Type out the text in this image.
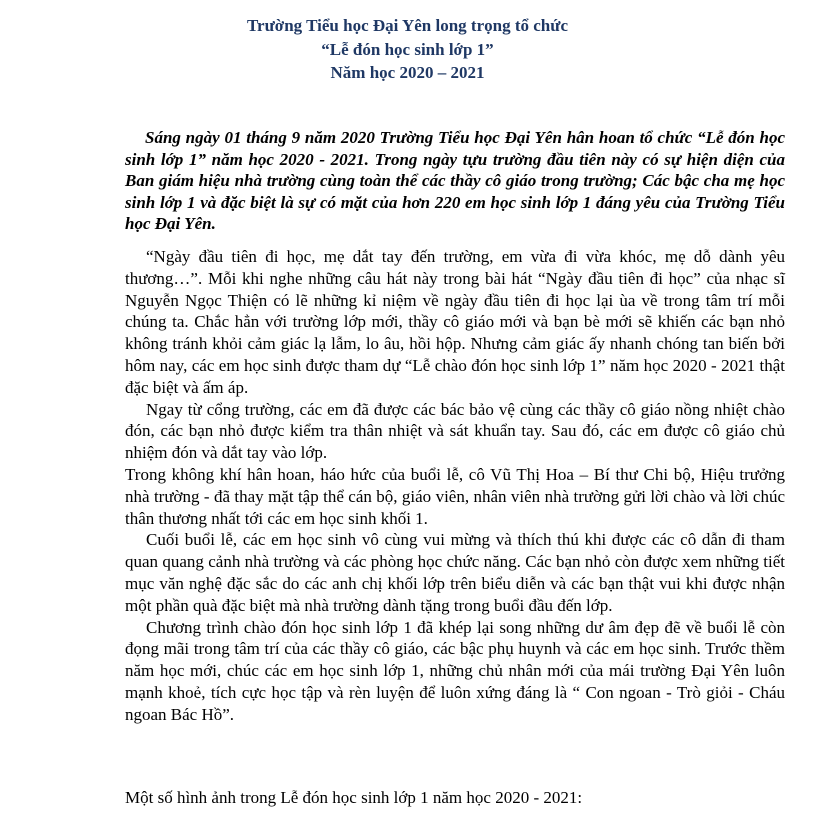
Trường Tiểu học Đại Yên long trọng tổ chức
“Lễ đón học sinh lớp 1”
Năm học 2020 – 2021
Sáng ngày 01 tháng 9 năm 2020 Trường Tiểu học Đại Yên hân hoan tổ chức “Lễ đón học sinh lớp 1” năm học 2020 - 2021. Trong ngày tựu trường đầu tiên này có sự hiện diện của Ban giám hiệu nhà trường cùng toàn thể các thầy cô giáo trong trường; Các bậc cha mẹ học sinh lớp 1 và đặc biệt là sự có mặt của hơn 220 em học sinh lớp 1 đáng yêu của Trường Tiểu học Đại Yên.

“Ngày đầu tiên đi học, mẹ dắt tay đến trường, em vừa đi vừa khóc, mẹ dỗ dành yêu thương…”. Mỗi khi nghe những câu hát này trong bài hát “Ngày đầu tiên đi học” của nhạc sĩ Nguyễn Ngọc Thiện có lẽ những kỉ niệm về ngày đầu tiên đi học lại ùa về trong tâm trí mỗi chúng ta. Chắc hẳn với trường lớp mới, thầy cô giáo mới và bạn bè mới sẽ khiến các bạn nhỏ không tránh khỏi cảm giác lạ lẫm, lo âu, hồi hộp. Nhưng cảm giác ấy nhanh chóng tan biến bởi hôm nay, các em học sinh được tham dự “Lễ chào đón học sinh lớp 1” năm học 2020 - 2021 thật đặc biệt và ấm áp.

Ngay từ cổng trường, các em đã được các bác bảo vệ cùng các thầy cô giáo nồng nhiệt chào đón, các bạn nhỏ được kiểm tra thân nhiệt và sát khuẩn tay. Sau đó, các em được cô giáo chủ nhiệm đón và dắt tay vào lớp.

Trong không khí hân hoan, háo hức của buổi lễ, cô Vũ Thị Hoa – Bí thư Chi bộ, Hiệu trưởng nhà trường - đã thay mặt tập thể cán bộ, giáo viên, nhân viên nhà trường gửi lời chào và lời chúc thân thương nhất tới các em học sinh khối 1.

Cuối buổi lễ, các em học sinh vô cùng vui mừng và thích thú khi được các cô dẫn đi tham quan quang cảnh nhà trường và các phòng học chức năng. Các bạn nhỏ còn được xem những tiết mục văn nghệ đặc sắc do các anh chị khối lớp trên biểu diễn và các bạn thật vui khi được nhận một phần quà đặc biệt mà nhà trường dành tặng trong buổi đầu đến lớp.

Chương trình chào đón học sinh lớp 1 đã khép lại song những dư âm đẹp đẽ về buổi lễ còn đọng mãi trong tâm trí của các thầy cô giáo, các bậc phụ huynh và các em học sinh. Trước thềm năm học mới, chúc các em học sinh lớp 1, những chủ nhân mới của mái trường Đại Yên luôn mạnh khoẻ, tích cực học tập và rèn luyện để luôn xứng đáng là “ Con ngoan - Trò giỏi - Cháu ngoan Bác Hồ”.

Một số hình ảnh trong Lễ đón học sinh lớp 1 năm học 2020 - 2021:
